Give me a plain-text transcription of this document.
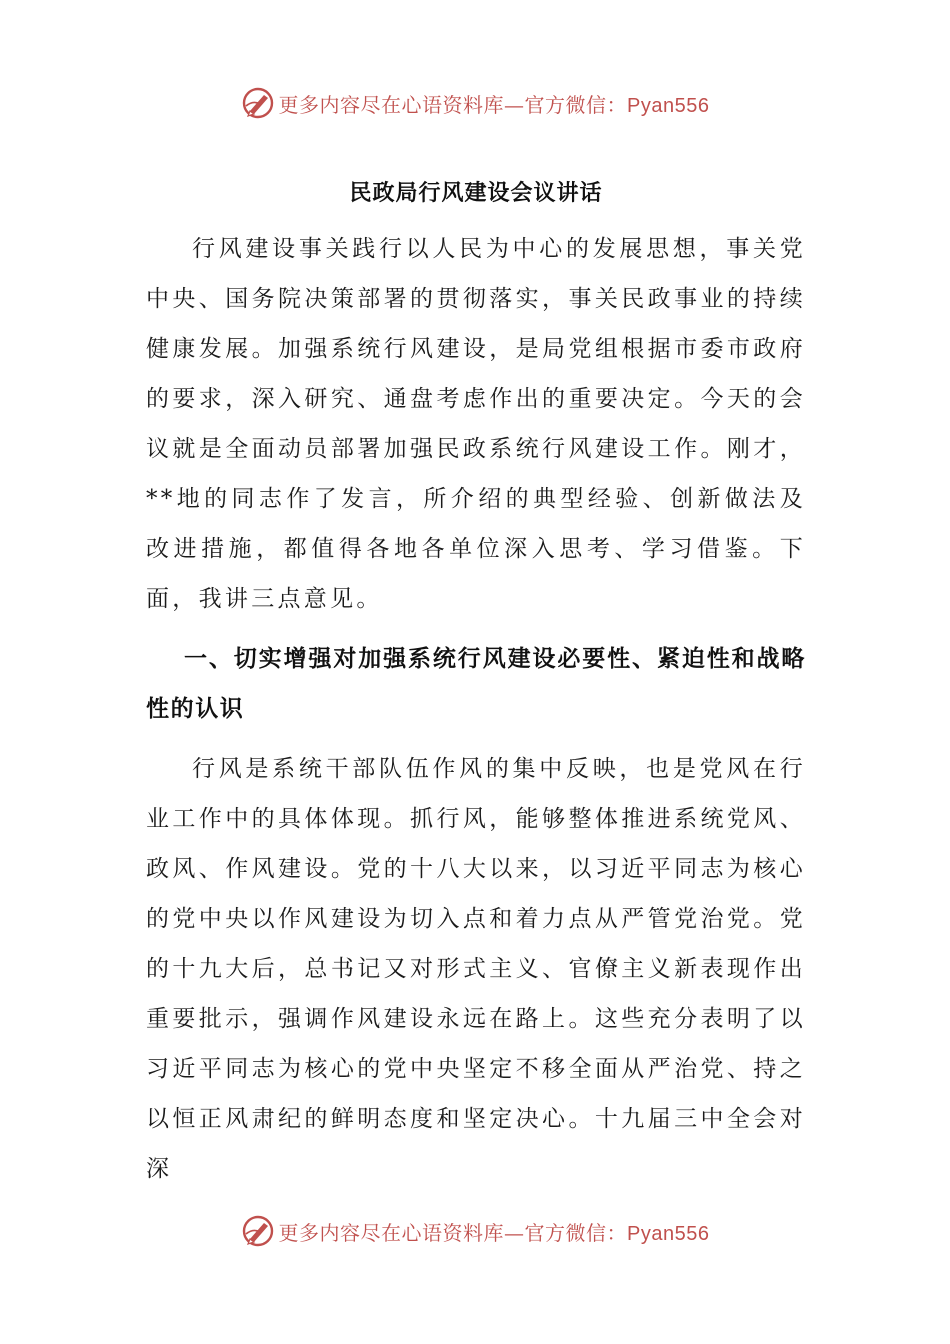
更多内容尽在心语资料库—官方微信：Pyan556
民政局行风建设会议讲话

行风建设事关践行以人民为中心的发展思想，事关党中央、国务院决策部署的贯彻落实，事关民政事业的持续健康发展。加强系统行风建设，是局党组根据市委市政府的要求，深入研究、通盘考虑作出的重要决定。今天的会议就是全面动员部署加强民政系统行风建设工作。刚才，**地的同志作了发言，所介绍的典型经验、创新做法及改进措施，都值得各地各单位深入思考、学习借鉴。下面，我讲三点意见。

一、切实增强对加强系统行风建设必要性、紧迫性和战略性的认识

行风是系统干部队伍作风的集中反映，也是党风在行业工作中的具体体现。抓行风，能够整体推进系统党风、政风、作风建设。党的十八大以来，以习近平同志为核心的党中央以作风建设为切入点和着力点从严管党治党。党的十九大后，总书记又对形式主义、官僚主义新表现作出重要批示，强调作风建设永远在路上。这些充分表明了以习近平同志为核心的党中央坚定不移全面从严治党、持之以恒正风肃纪的鲜明态度和坚定决心。十九届三中全会对深

更多内容尽在心语资料库—官方微信：Pyan556
